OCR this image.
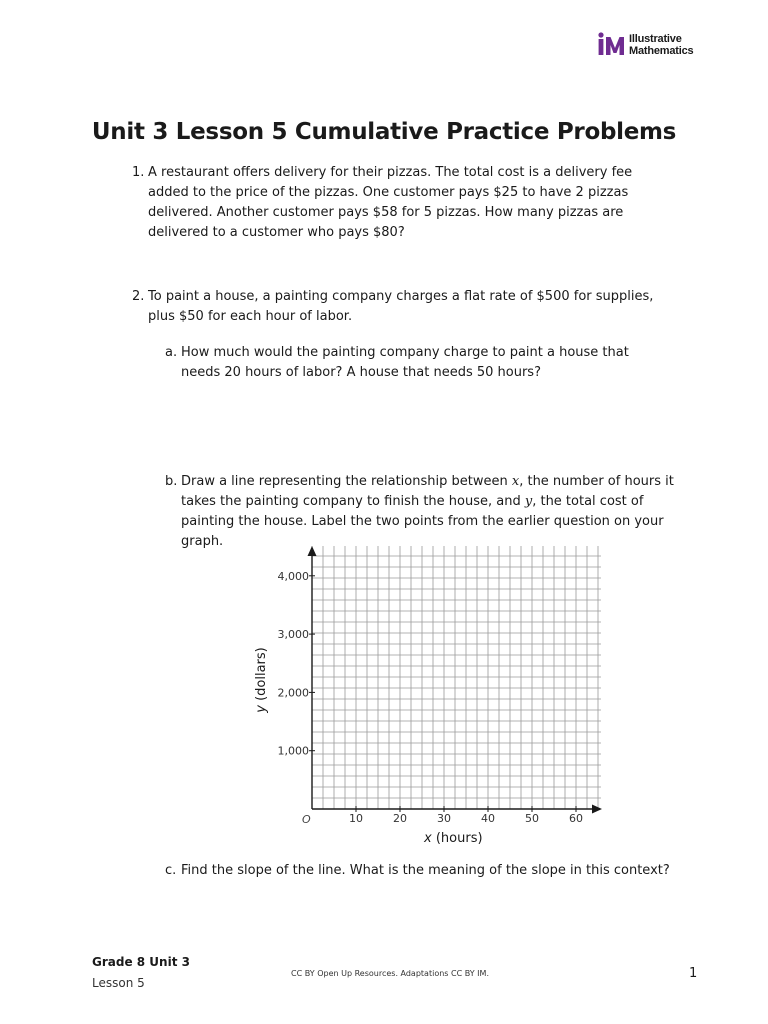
Illustrative
Mathematics
Unit 3 Lesson 5 Cumulative Practice Problems
1. A restaurant offers delivery for their pizzas. The total cost is a delivery fee added to the price of the pizzas. One customer pays $25 to have 2 pizzas delivered. Another customer pays $58 for 5 pizzas. How many pizzas are delivered to a customer who pays $80?
2. To paint a house, a painting company charges a flat rate of $500 for supplies, plus $50 for each hour of labor.
a. How much would the painting company charge to paint a house that needs 20 hours of labor? A house that needs 50 hours?
b. Draw a line representing the relationship between x, the number of hours it takes the painting company to finish the house, and y, the total cost of painting the house. Label the two points from the earlier question on your graph.
10	20	30	40	50	60
1,000
2,000
3,000
4,000
O
x (hours)
y (dollars)
c. Find the slope of the line. What is the meaning of the slope in this context?
Grade 8 Unit 3
Lesson 5
CC BY Open Up Resources. Adaptations CC BY IM.	1
